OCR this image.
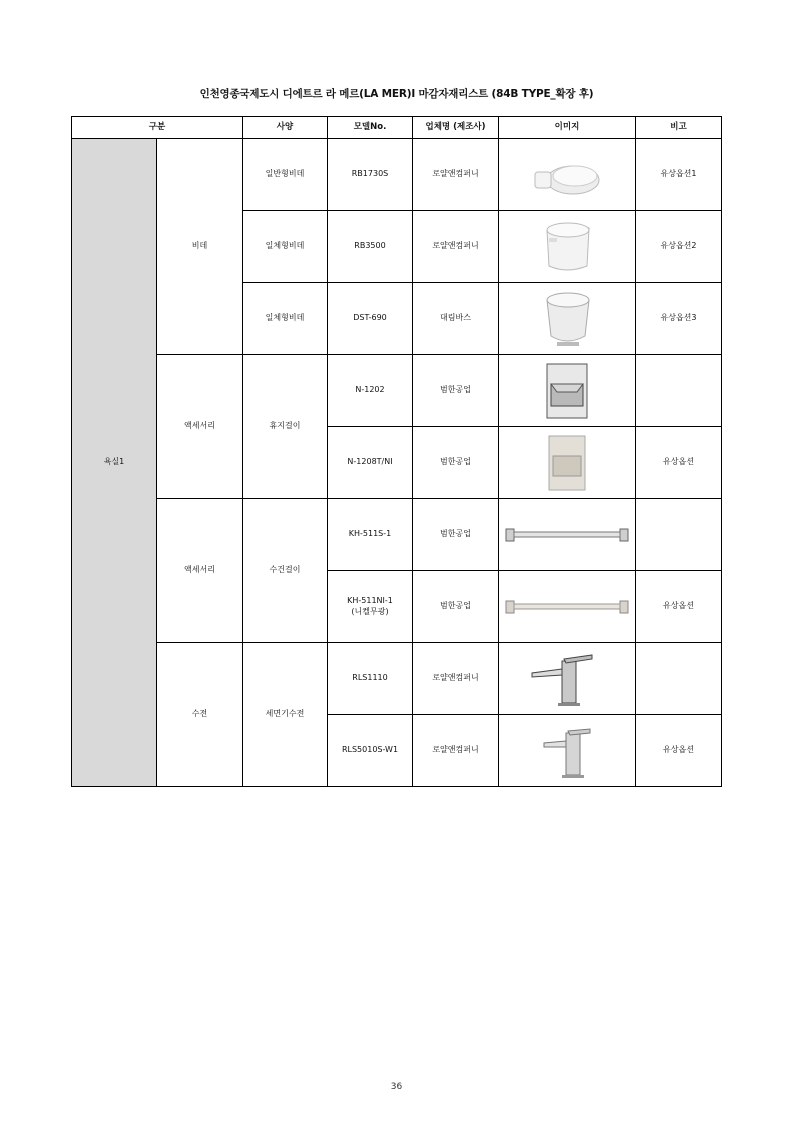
인천영종국제도시 디에트르 라 메르(LA MER)Ⅰ 마감자재리스트 (84B TYPE_확장 후)
구분		사양	모델No.	업체명 (제조사)	이미지	비고
욕실1	비데	일반형비데	RB1730S	로얄앤컴퍼니		유상옵션1
		일체형비데	RB3500	로얄앤컴퍼니		유상옵션2
		일체형비데	DST-690	대림바스		유상옵션3
	액세서리	휴지걸이	N-1202	범한공업	

			N-1208T/NI	범한공업		유상옵션
	액세서리	수건걸이	KH-511S-1	범한공업	

			KH-511NI-1
(니켈무광)	범한공업		유상옵션
	수전	세면기수전	RLS1110	로얄앤컴퍼니	

			RLS5010S-W1	로얄앤컴퍼니		유상옵션
36
